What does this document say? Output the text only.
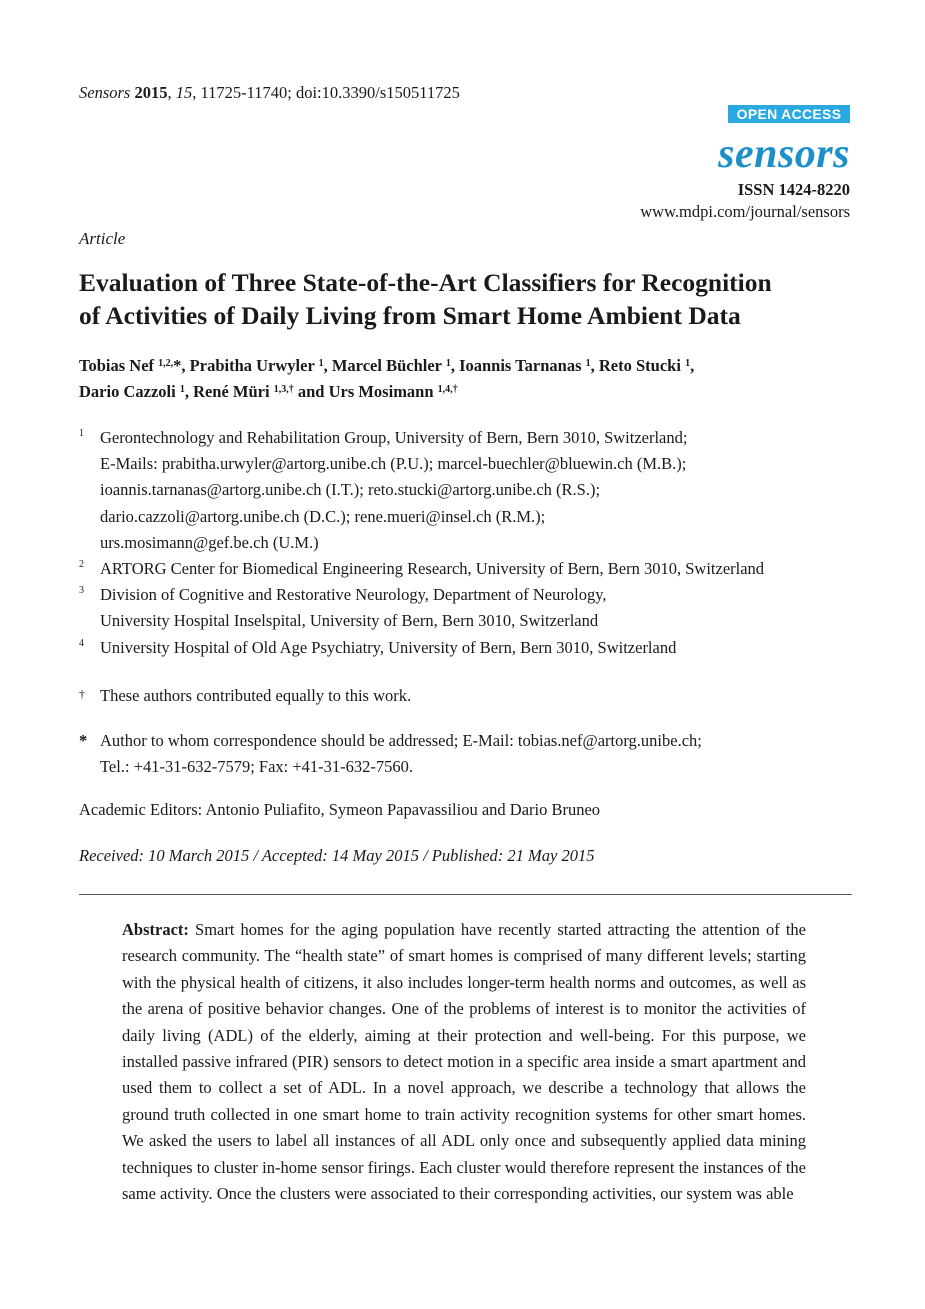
Sensors 2015, 15, 11725-11740; doi:10.3390/s150511725
OPEN ACCESS
sensors
ISSN 1424-8220
www.mdpi.com/journal/sensors
Article
Evaluation of Three State-of-the-Art Classifiers for Recognition
of Activities of Daily Living from Smart Home Ambient Data
Tobias Nef $^{1,2,}$*, Prabitha Urwyler $^1$, Marcel Büchler $^1$, Ioannis Tarnanas $^1$, Reto Stucki $^1$,
Dario Cazzoli $^1$, René Müri $^{1,3,\dagger}$ and Urs Mosimann $^{1,4,\dagger}$
1 Gerontechnology and Rehabilitation Group, University of Bern, Bern 3010, Switzerland;
E-Mails: prabitha.urwyler@artorg.unibe.ch (P.U.); marcel-buechler@bluewin.ch (M.B.);
ioannis.tarnanas@artorg.unibe.ch (I.T.); reto.stucki@artorg.unibe.ch (R.S.);
dario.cazzoli@artorg.unibe.ch (D.C.); rene.mueri@insel.ch (R.M.);
urs.mosimann@gef.be.ch (U.M.)
2 ARTORG Center for Biomedical Engineering Research, University of Bern, Bern 3010, Switzerland
3 Division of Cognitive and Restorative Neurology, Department of Neurology,
University Hospital Inselspital, University of Bern, Bern 3010, Switzerland
4 University Hospital of Old Age Psychiatry, University of Bern, Bern 3010, Switzerland
† These authors contributed equally to this work.
* Author to whom correspondence should be addressed; E-Mail: tobias.nef@artorg.unibe.ch;
Tel.: +41-31-632-7579; Fax: +41-31-632-7560.
Academic Editors: Antonio Puliafito, Symeon Papavassiliou and Dario Bruneo
Received: 10 March 2015 / Accepted: 14 May 2015 / Published: 21 May 2015

Abstract: Smart homes for the aging population have recently started attracting the attention of the research community. The “health state” of smart homes is comprised of many different levels; starting with the physical health of citizens, it also includes longer-term health norms and outcomes, as well as the arena of positive behavior changes. One of the problems of interest is to monitor the activities of daily living (ADL) of the elderly, aiming at their protection and well-being. For this purpose, we installed passive infrared (PIR) sensors to detect motion in a specific area inside a smart apartment and used them to collect a set of ADL. In a novel approach, we describe a technology that allows the ground truth collected in one smart home to train activity recognition systems for other smart homes. We asked the users to label all instances of all ADL only once and subsequently applied data mining techniques to cluster in-home sensor firings. Each cluster would therefore represent the instances of the same activity. Once the clusters were associated to their corresponding activities, our system was able
